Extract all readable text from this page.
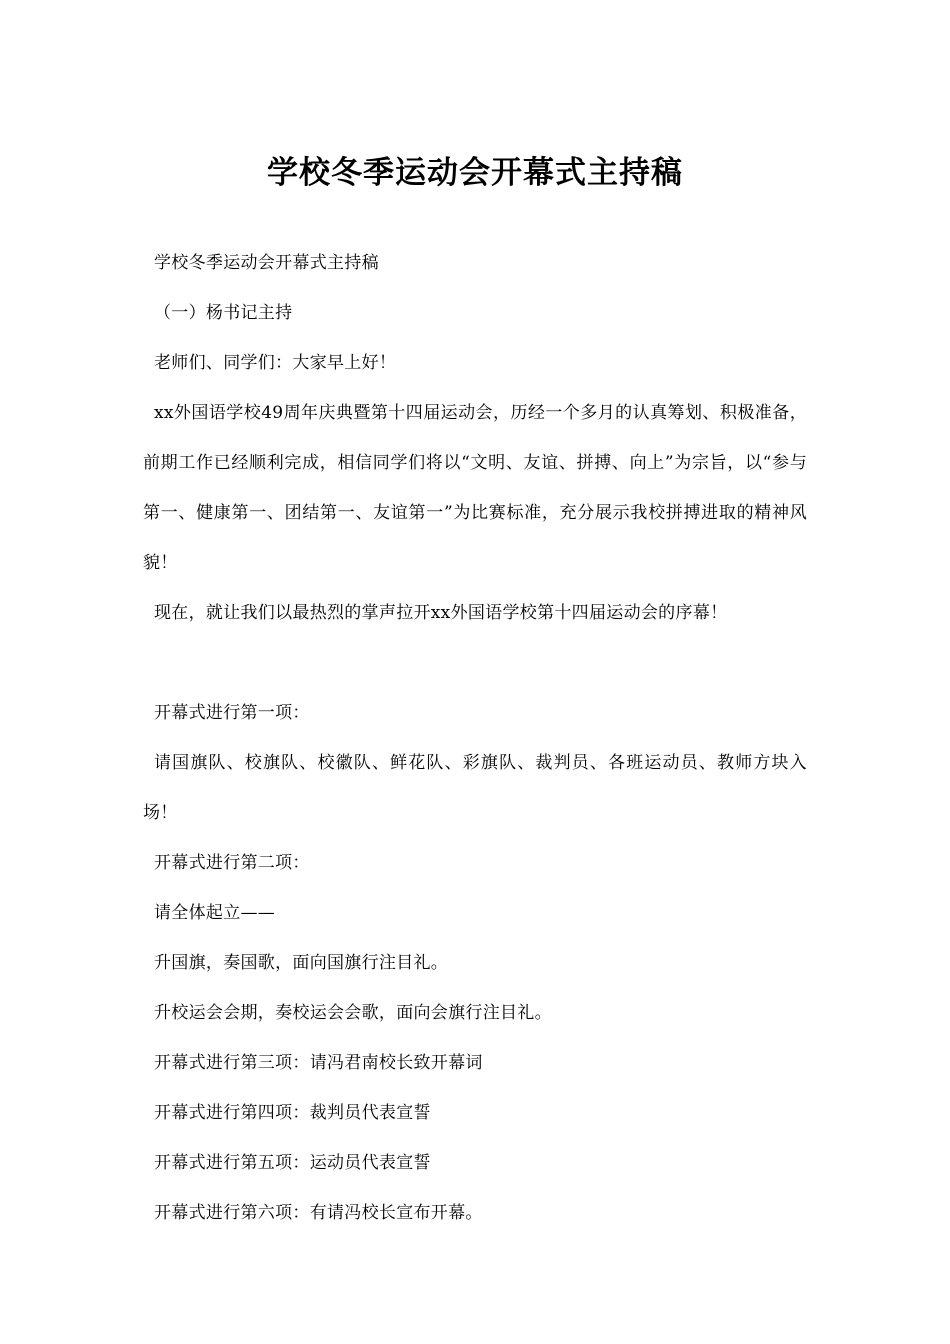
学校冬季运动会开幕式主持稿

学校冬季运动会开幕式主持稿

（一）杨书记主持

老师们、同学们：大家早上好！

xx外国语学校49周年庆典暨第十四届运动会，历经一个多月的认真筹划、积极准备，前期工作已经顺利完成，相信同学们将以“文明、友谊、拼搏、向上”为宗旨，以“参与第一、健康第一、团结第一、友谊第一”为比赛标准，充分展示我校拼搏进取的精神风貌！

现在，就让我们以最热烈的掌声拉开xx外国语学校第十四届运动会的序幕！

开幕式进行第一项：

请国旗队、校旗队、校徽队、鲜花队、彩旗队、裁判员、各班运动员、教师方块入场！

开幕式进行第二项：

请全体起立——

升国旗，奏国歌，面向国旗行注目礼。

升校运会会期，奏校运会会歌，面向会旗行注目礼。

开幕式进行第三项：请冯君南校长致开幕词

开幕式进行第四项：裁判员代表宣誓

开幕式进行第五项：运动员代表宣誓

开幕式进行第六项：有请冯校长宣布开幕。
